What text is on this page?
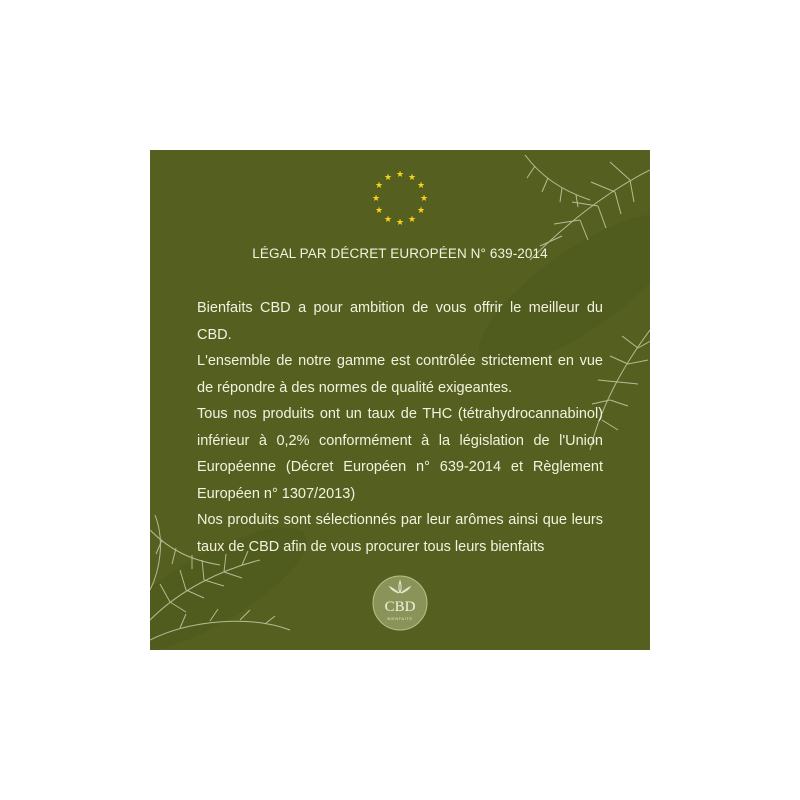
★ ★
★
★
★
★
★
★
★
★
★
★
LÉGAL PAR DÉCRET EUROPÉEN N° 639-2014

Bienfaits CBD a pour ambition de vous offrir le meilleur du CBD.

L'ensemble de notre gamme est contrôlée strictement en vue de répondre à des normes de qualité exigeantes.

Tous nos produits ont un taux de THC (tétrahydrocannabinol) inférieur à 0,2% conformément à la législation de l'Union Européenne (Décret Européen n° 639-2014 et Règlement Européen n° 1307/2013)

Nos produits sont sélectionnés par leur arômes ainsi que leurs taux de CBD afin de vous procurer tous leurs bienfaits

CBD
BIENFAITS
